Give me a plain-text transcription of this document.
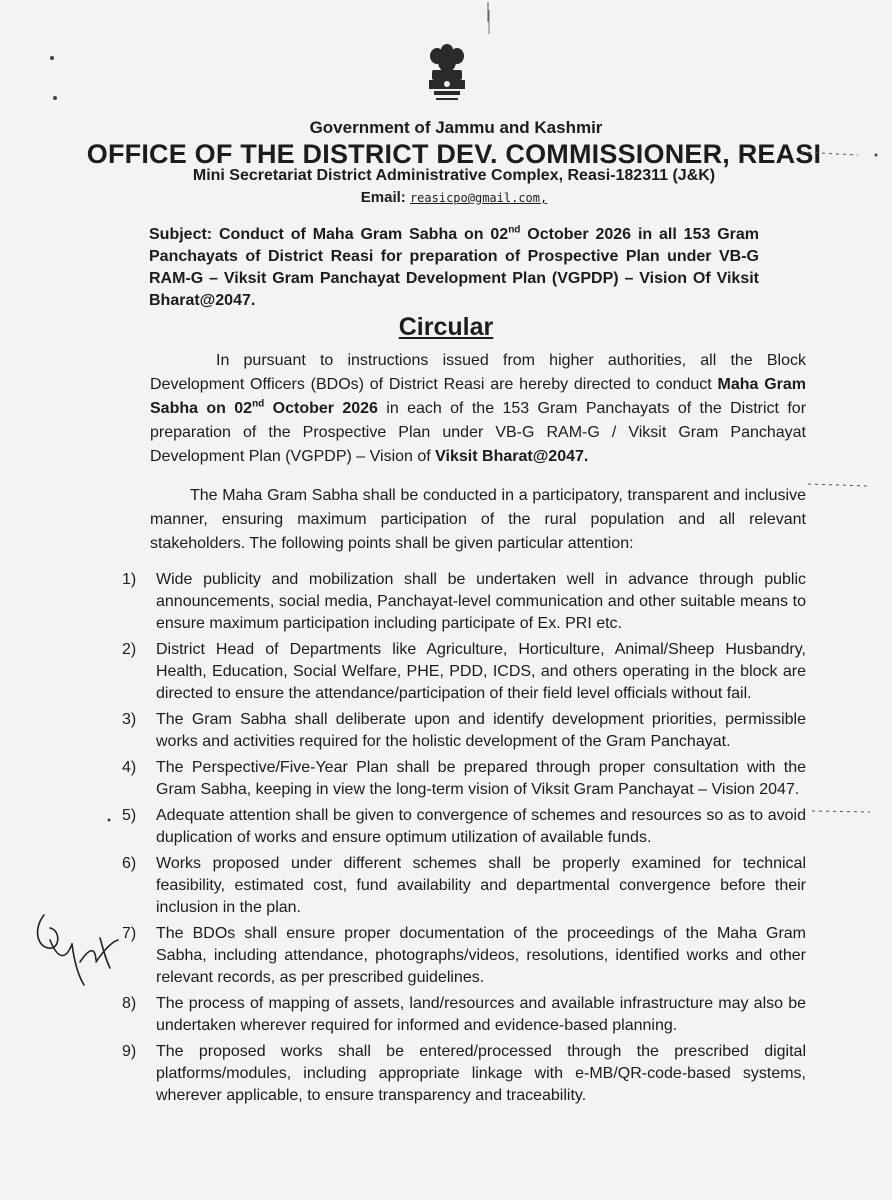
Government of Jammu and Kashmir
OFFICE OF THE DISTRICT DEV. COMMISSIONER, REASI
Mini Secretariat District Administrative Complex, Reasi-182311 (J&K)
Email: reasicpo@gmail.com,
Subject: Conduct of Maha Gram Sabha on 02nd October 2026 in all 153 Gram Panchayats of District Reasi for preparation of Prospective Plan under VB-G RAM-G – Viksit Gram Panchayat Development Plan (VGPDP) – Vision Of Viksit Bharat@2047.
Circular
In pursuant to instructions issued from higher authorities, all the Block Development Officers (BDOs) of District Reasi are hereby directed to conduct Maha Gram Sabha on 02nd October 2026 in each of the 153 Gram Panchayats of the District for preparation of the Prospective Plan under VB-G RAM-G / Viksit Gram Panchayat Development Plan (VGPDP) – Vision of Viksit Bharat@2047.
The Maha Gram Sabha shall be conducted in a participatory, transparent and inclusive manner, ensuring maximum participation of the rural population and all relevant stakeholders. The following points shall be given particular attention:
1) Wide publicity and mobilization shall be undertaken well in advance through public announcements, social media, Panchayat-level communication and other suitable means to ensure maximum participation including participate of Ex. PRI etc.
2) District Head of Departments like Agriculture, Horticulture, Animal/Sheep Husbandry, Health, Education, Social Welfare, PHE, PDD, ICDS, and others operating in the block are directed to ensure the attendance/participation of their field level officials without fail.
3) The Gram Sabha shall deliberate upon and identify development priorities, permissible works and activities required for the holistic development of the Gram Panchayat.
4) The Perspective/Five-Year Plan shall be prepared through proper consultation with the Gram Sabha, keeping in view the long-term vision of Viksit Gram Panchayat – Vision 2047.
5) Adequate attention shall be given to convergence of schemes and resources so as to avoid duplication of works and ensure optimum utilization of available funds.
6) Works proposed under different schemes shall be properly examined for technical feasibility, estimated cost, fund availability and departmental convergence before their inclusion in the plan.
7) The BDOs shall ensure proper documentation of the proceedings of the Maha Gram Sabha, including attendance, photographs/videos, resolutions, identified works and other relevant records, as per prescribed guidelines.
8) The process of mapping of assets, land/resources and available infrastructure may also be undertaken wherever required for informed and evidence-based planning.
9) The proposed works shall be entered/processed through the prescribed digital platforms/modules, including appropriate linkage with e-MB/QR-code-based systems, wherever applicable, to ensure transparency and traceability.
